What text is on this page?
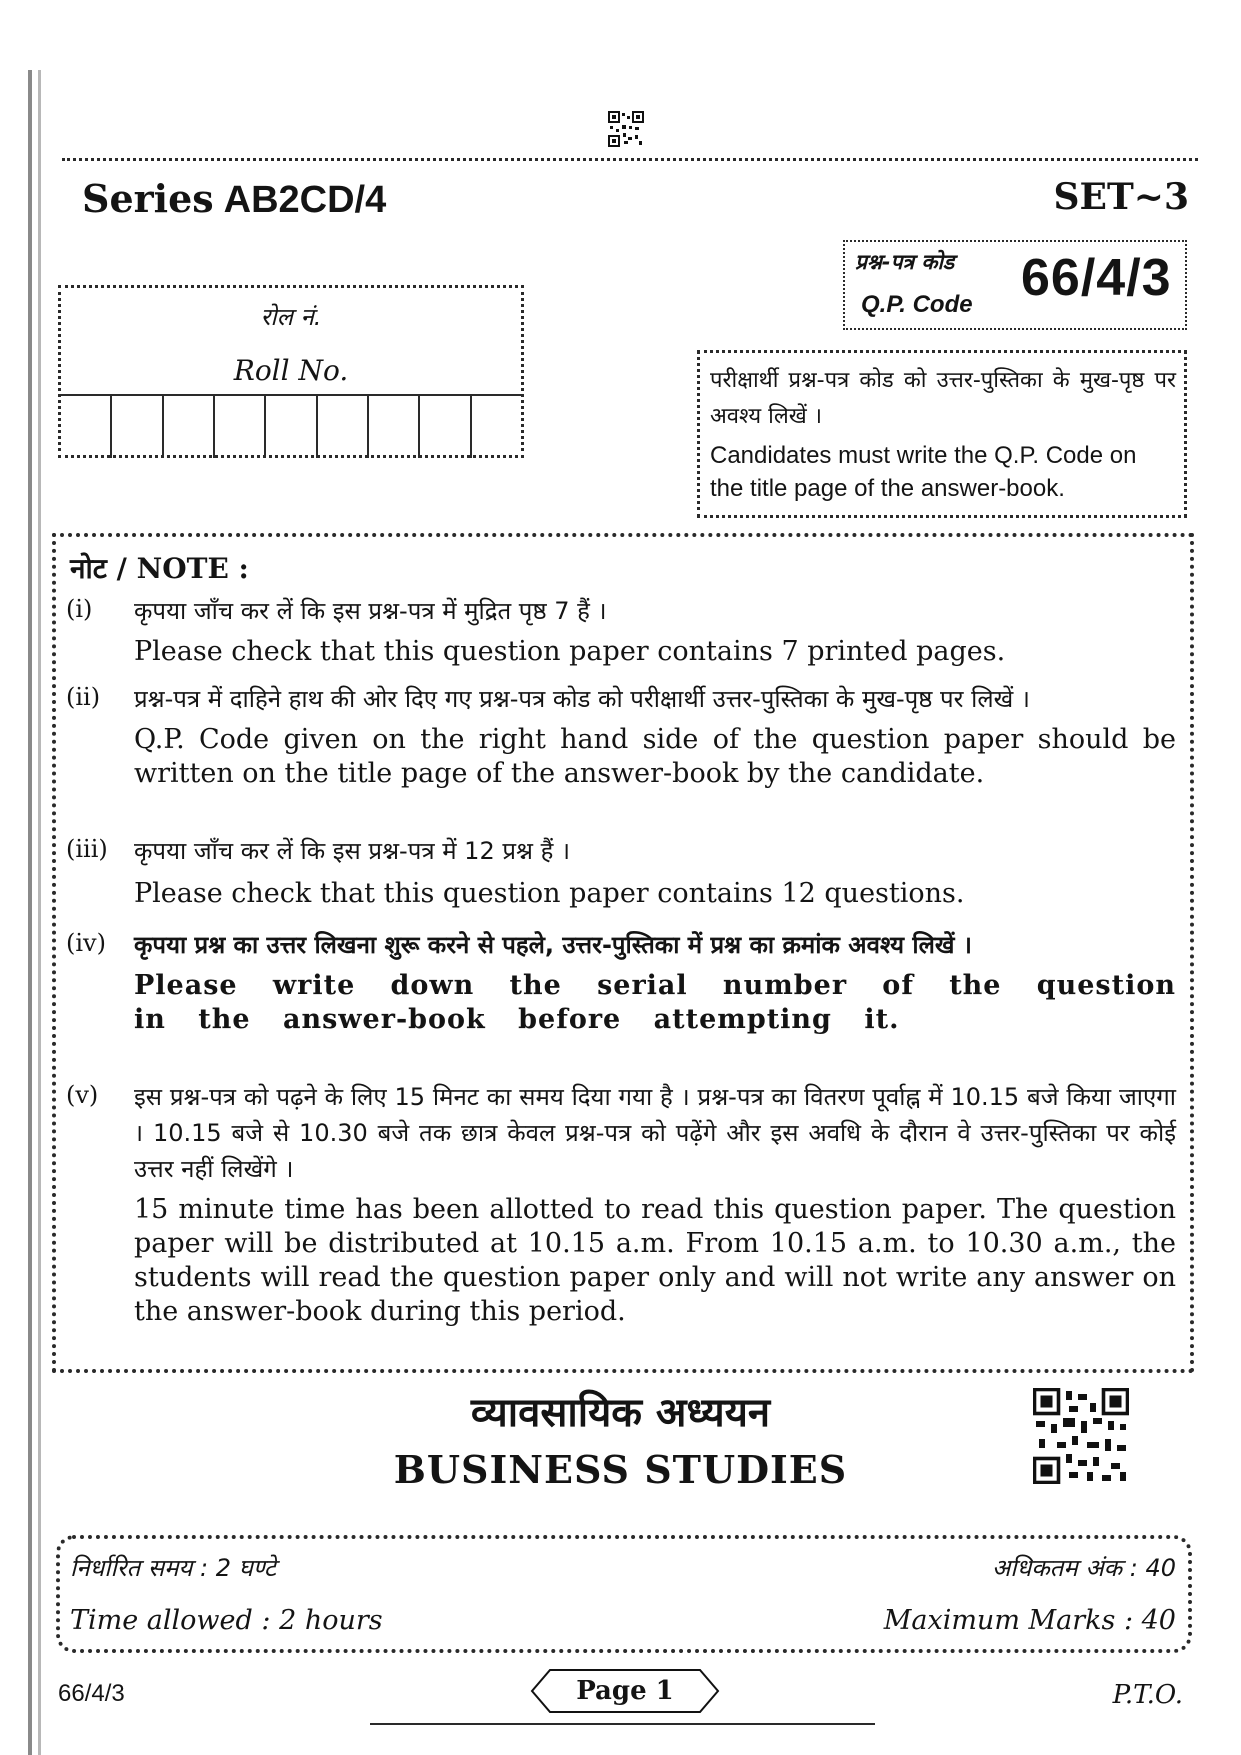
Series AB2CD/4	SET~3
प्रश्न-पत्र कोड
Q.P. Code 66/4/3
रोल नं.
Roll No.	परीक्षार्थी प्रश्न-पत्र कोड को उत्तर-पुस्तिका के मुख-पृष्ठ पर अवश्य लिखें ।
Candidates must write the Q.P. Code on
the title page of the answer-book.
नोट / NOTE :
(i) कृपया जाँच कर लें कि इस प्रश्न-पत्र में मुद्रित पृष्ठ 7 हैं ।
Please check that this question paper contains 7 printed pages.
(ii) प्रश्न-पत्र में दाहिने हाथ की ओर दिए गए प्रश्न-पत्र कोड को परीक्षार्थी उत्तर-पुस्तिका के मुख-पृष्ठ पर लिखें ।
Q.P. Code given on the right hand side of the question paper should be written on the title page of the answer-book by the candidate.
(iii) कृपया जाँच कर लें कि इस प्रश्न-पत्र में 12 प्रश्न हैं ।
Please check that this question paper contains 12 questions.
(iv) कृपया प्रश्न का उत्तर लिखना शुरू करने से पहले, उत्तर-पुस्तिका में प्रश्न का क्रमांक अवश्य लिखें ।
Please write down the serial number of the question in the answer-book before attempting it.
(v) इस प्रश्न-पत्र को पढ़ने के लिए 15 मिनट का समय दिया गया है । प्रश्न-पत्र का वितरण पूर्वाह्न में 10.15 बजे किया जाएगा । 10.15 बजे से 10.30 बजे तक छात्र केवल प्रश्न-पत्र को पढ़ेंगे और इस अवधि के दौरान वे उत्तर-पुस्तिका पर कोई उत्तर नहीं लिखेंगे ।
15 minute time has been allotted to read this question paper. The question paper will be distributed at 10.15 a.m. From 10.15 a.m. to 10.30 a.m., the students will read the question paper only and will not write any answer on the answer-book during this period.
व्यावसायिक अध्ययन
BUSINESS STUDIES
निर्धारित समय : 2 घण्टे	अधिकतम अंक : 40
Time allowed : 2 hours	Maximum Marks : 40
66/4/3	Page 1	P.T.O.
